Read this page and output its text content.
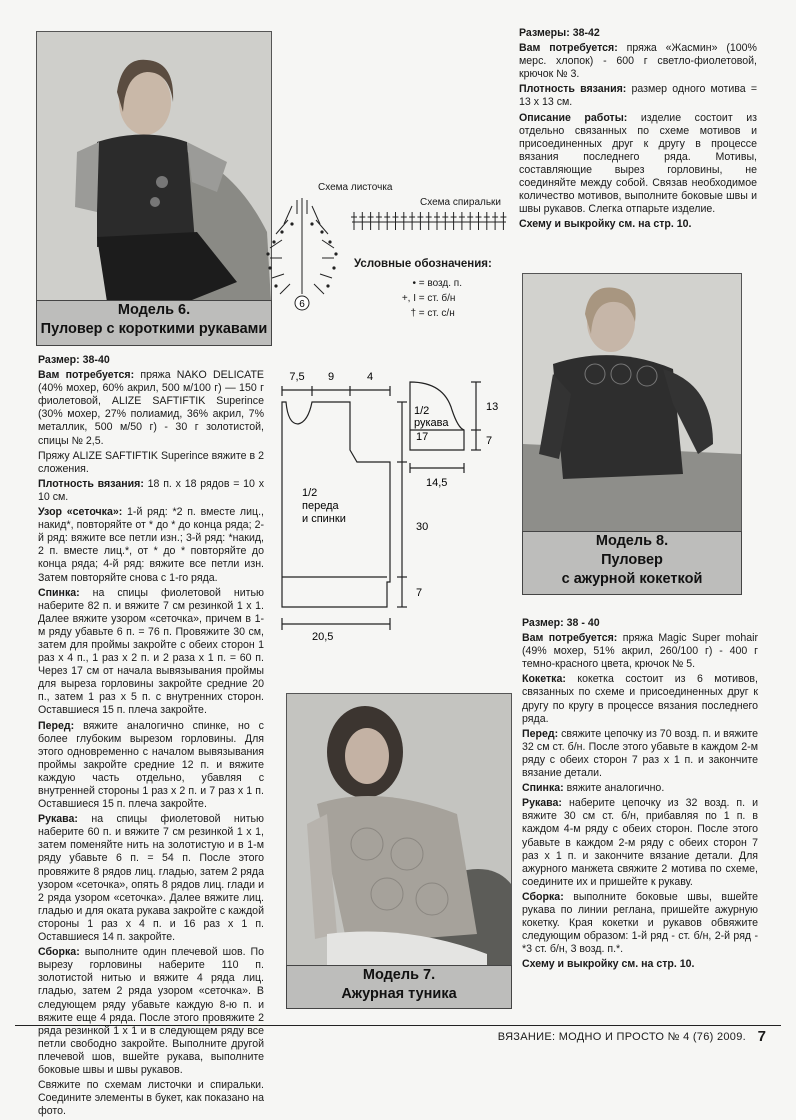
Модель 6.
Пуловер с короткими рукавами

Размер: 38-40

Вам потребуется: пряжа NAKO DELICATE (40% мохер, 60% акрил, 500 м/100 г) — 150 г фиолетовой, ALIZE SAFTIFTIK Superince (30% мохер, 27% полиамид, 36% акрил, 7% металлик, 500 м/50 г) - 30 г золотистой, спицы № 2,5.

Пряжу ALIZE SAFTIFTIK Superince вяжите в 2 сложения.

Плотность вязания: 18 п. х 18 рядов = 10 х 10 см.

Узор «сеточка»: 1-й ряд: *2 п. вместе лиц., накид*, повторяйте от * до * до конца ряда; 2-й ряд: вяжите все петли изн.; 3-й ряд: *накид, 2 п. вместе лиц.*, от * до * повторяйте до конца ряда; 4-й ряд: вяжите все петли изн. Затем повторяйте снова с 1-го ряда.

Спинка: на спицы фиолетовой нитью наберите 82 п. и вяжите 7 см резинкой 1 х 1. Далее вяжите узором «сеточка», причем в 1-м ряду убавьте 6 п. = 76 п. Провяжите 30 см, затем для проймы закройте с обеих сторон 1 раз х 4 п., 1 раз х 2 п. и 2 раза х 1 п. = 60 п. Через 17 см от начала вывязывания проймы для выреза горловины закройте средние 20 п., затем 1 раз х 5 п. с внутренних сторон. Оставшиеся 15 п. плеча закройте.

Перед: вяжите аналогично спинке, но с более глубоким вырезом горловины. Для этого одновременно с началом вывязывания проймы закройте средние 12 п. и вяжите каждую часть отдельно, убавляя с внутренней стороны 1 раз х 2 п. и 7 раз х 1 п. Оставшиеся 15 п. плеча закройте.

Рукава: на спицы фиолетовой нитью наберите 60 п. и вяжите 7 см резинкой 1 х 1, затем поменяйте нить на золотистую и в 1-м ряду убавьте 6 п. = 54 п. После этого провяжите 8 рядов лиц. гладью, затем 2 ряда узором «сеточка», опять 8 рядов лиц. глади и 2 ряда узором «сеточка». Далее вяжите лиц. гладью и для оката рукава закройте с каждой стороны 1 раз х 4 п. и 16 раз х 1 п. Оставшиеся 14 п. закройте.

Сборка: выполните один плечевой шов. По вырезу горловины наберите 110 п. золотистой нитью и вяжите 4 ряда лиц. гладью, затем 2 ряда узором «сеточка». В следующем ряду убавьте каждую 8-ю п. и вяжите еще 4 ряда. После этого провяжите 2 ряда резинкой 1 х 1 и в следующем ряду все петли свободно закройте. Выполните другой плечевой шов, вшейте рукава, выполните боковые швы и швы рукавов.

Свяжите по схемам листочки и спиральки. Соедините элементы в букет, как показано на фото.

Схема листочка
Схема спиральки
6
Условные обозначения:
• = возд. п.
+, I = ст. б/н
† = ст. с/н
7,5 9	4
17
30
7
20,5
1/2
переда
и спинки
1/2
рукава
13
7
14,5
Модель 7.
Ажурная туника

Размеры: 38-42

Вам потребуется: пряжа «Жасмин» (100% мерс. хлопок) - 600 г светло-фиолетовой, крючок № 3.

Плотность вязания: размер одного мотива = 13 х 13 см.

Описание работы: изделие состоит из отдельно связанных по схеме мотивов и присоединенных друг к другу в процессе вязания последнего ряда. Мотивы, составляющие вырез горловины, не соединяйте между собой. Связав необходимое количество мотивов, выполните боковые швы и швы рукавов. Слегка отпарьте изделие.

Схему и выкройку см. на стр. 10.

Модель 8.
Пуловер
с ажурной кокеткой

Размер: 38 - 40

Вам потребуется: пряжа Magic Super mohair (49% мохер, 51% акрил, 260/100 г) - 400 г темно-красного цвета, крючок № 5.

Кокетка: кокетка состоит из 6 мотивов, связанных по схеме и присоединенных друг к другу по кругу в процессе вязания последнего ряда.

Перед: свяжите цепочку из 70 возд. п. и вяжите 32 см ст. б/н. После этого убавьте в каждом 2-м ряду с обеих сторон 7 раз х 1 п. и закончите вязание детали.

Спинка: вяжите аналогично.

Рукава: наберите цепочку из 32 возд. п. и вяжите 30 см ст. б/н, прибавляя по 1 п. в каждом 4-м ряду с обеих сторон. После этого убавьте в каждом 2-м ряду с обеих сторон 7 раз х 1 п. и закончите вязание детали. Для ажурного манжета свяжите 2 мотива по схеме, соедините их и пришейте к рукаву.

Сборка: выполните боковые швы, вшейте рукава по линии реглана, пришейте ажурную кокетку. Края кокетки и рукавов обвяжите следующим образом: 1-й ряд - ст. б/н, 2-й ряд - *3 ст. б/н, 3 возд. п.*.

Схему и выкройку см. на стр. 10.

ВЯЗАНИЕ: МОДНО И ПРОСТО № 4 (76) 2009. 7
